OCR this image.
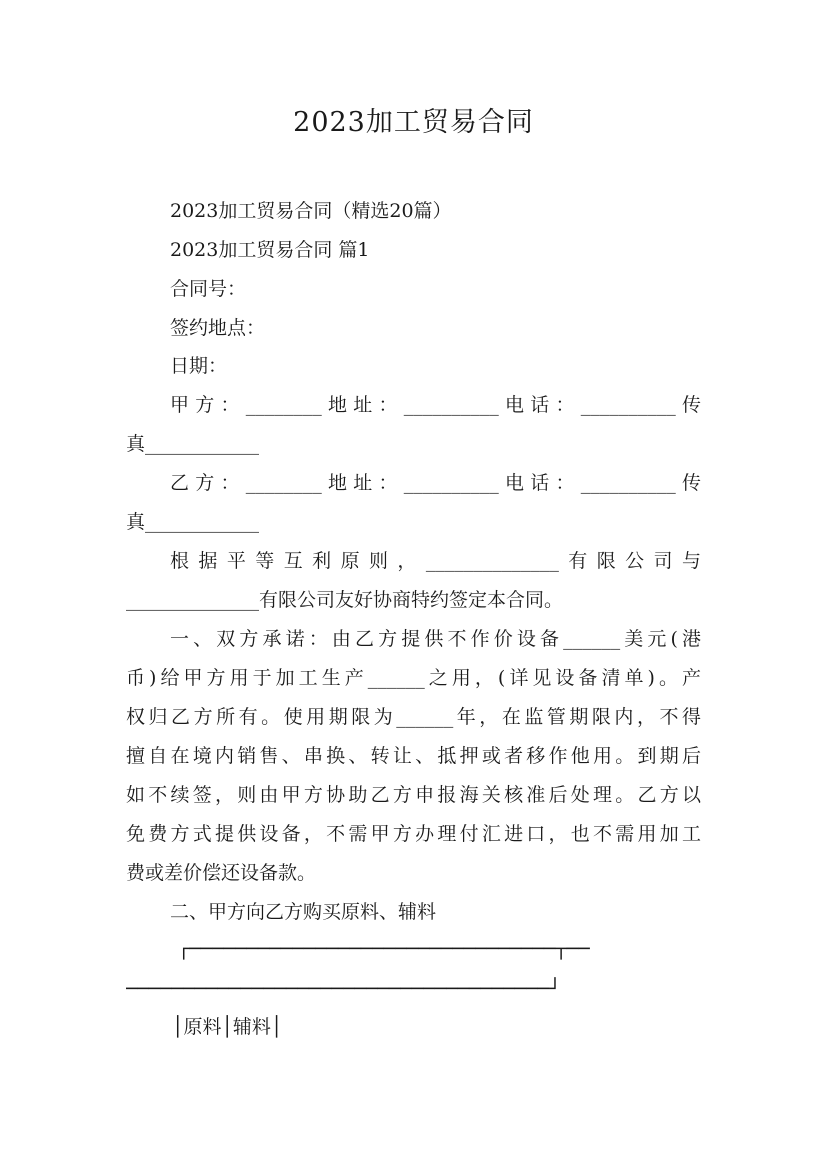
2023加工贸易合同
2023加工贸易合同（精选20篇）
2023加工贸易合同 篇1
合同号：
签约地点：
日期：
甲方：________地址：__________电话：__________传
真____________
乙方：________地址：__________电话：__________传
真____________
根据平等互利原则，______________有限公司与
______________有限公司友好协商特约签定本合同。
一、双方承诺：由乙方提供不作价设备______美元(港
币)给甲方用于加工生产______之用，(详见设备清单)。产
权归乙方所有。使用期限为______年，在监管期限内，不得
擅自在境内销售、串换、转让、抵押或者移作他用。到期后
如不续签，则由甲方协助乙方申报海关核准后处理。乙方以
免费方式提供设备，不需甲方办理付汇进口，也不需用加工
费或差价偿还设备款。
二、甲方向乙方购买原料、辅料
┌────────────────────────────────┬──
─────────────────────────────────────┘
│原料│辅料│
